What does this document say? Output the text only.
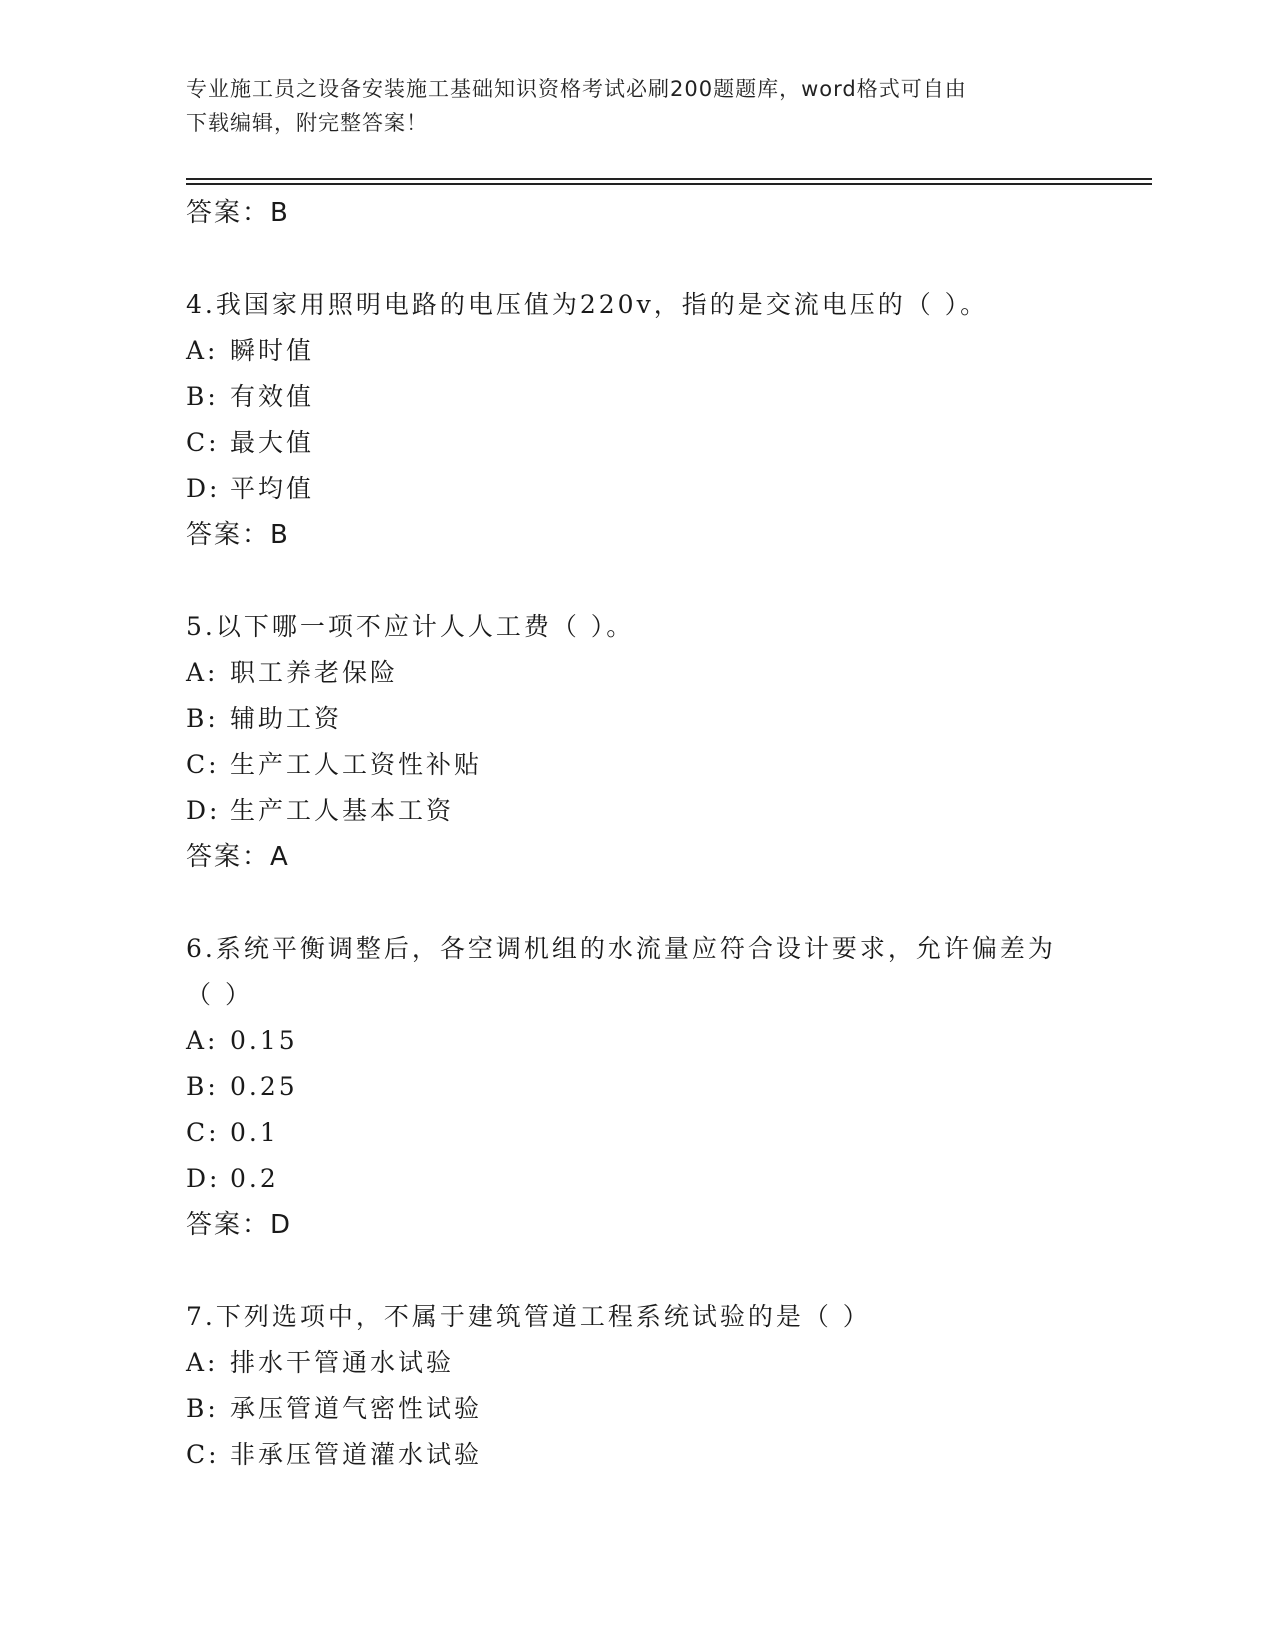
专业施工员之设备安装施工基础知识资格考试必刷200题题库，word格式可自由
下载编辑，附完整答案！
答案：B
4.我国家用照明电路的电压值为220v，指的是交流电压的（ ）。
A: 瞬时值
B: 有效值
C: 最大值
D: 平均值
答案：B
5.以下哪一项不应计人人工费（ ）。
A: 职工养老保险
B: 辅助工资
C: 生产工人工资性补贴
D: 生产工人基本工资
答案：A
6.系统平衡调整后，各空调机组的水流量应符合设计要求，允许偏差为（ ）
A: 0.15
B: 0.25
C: 0.1
D: 0.2
答案：D
7.下列选项中，不属于建筑管道工程系统试验的是（ ）
A: 排水干管通水试验
B: 承压管道气密性试验
C: 非承压管道灌水试验
